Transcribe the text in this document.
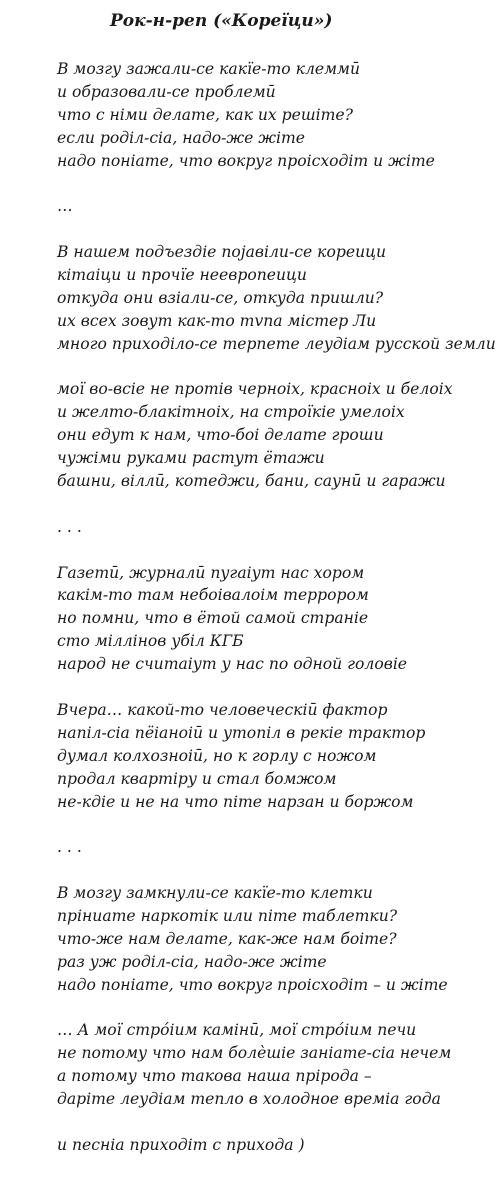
Рок-н-реп («Кореїци»)
В мозгу зажали-се какїе-то клеммӣ
и образовали-се проблемӣ
что с німи делате, как их решіте?
если роділ-сіа, надо-же жіте
надо поніате, что вокруг проісходіт и жіте
…
В нашем подъездіе појавіли-се кореици
кітаіци и прочїе неевропеици
откуда они взіали-се, откуда пришли?
их всех зовут как-то тvпа містер Ли
много приходіло-се терпете леудіам русской земли
мої во-всіе не протів черноіх, красноіх и белоіх
и желто-блакітноіх, на строїкіе умелоіх
они едут к нам, что-боі делате гроши
чужіми руками растут ётажи
башни, віллӣ, котеджи, бани, саунӣ и гаражи
. . .
Газетӣ, журналӣ пугаіут нас хором
какім-то там небоівалоім террором
но помни, что в ётой самой страніе
сто міллінов убіл КГБ
народ не считаіут у нас по одной головіе
Вчера… какой-то человеческіӣ фактор
напіл-сіа пёіаноіӣ и утопіл в рекіе трактор
думал колхозноіӣ, но к горлу с ножом
продал квартіру и стал бомжом
не-кдіе и не на что піте нарзан и боржом
. . .
В мозгу замкнули-се какїе-то клетки
пріниате наркотік или піте таблетки?
что-же нам делате, как-же нам боіте?
раз уж роділ-сіа, надо-же жіте
надо поніате, что вокруг проісходіт – и жіте
… А мої стро́іим камінӣ, мої стро́іим печи
не потому что нам болѐшіе заніате-сіа нечем
а потому что такова наша прірода –
даріте леудіам тепло в холодное времіа года
и песніа приходіт с прихода )
